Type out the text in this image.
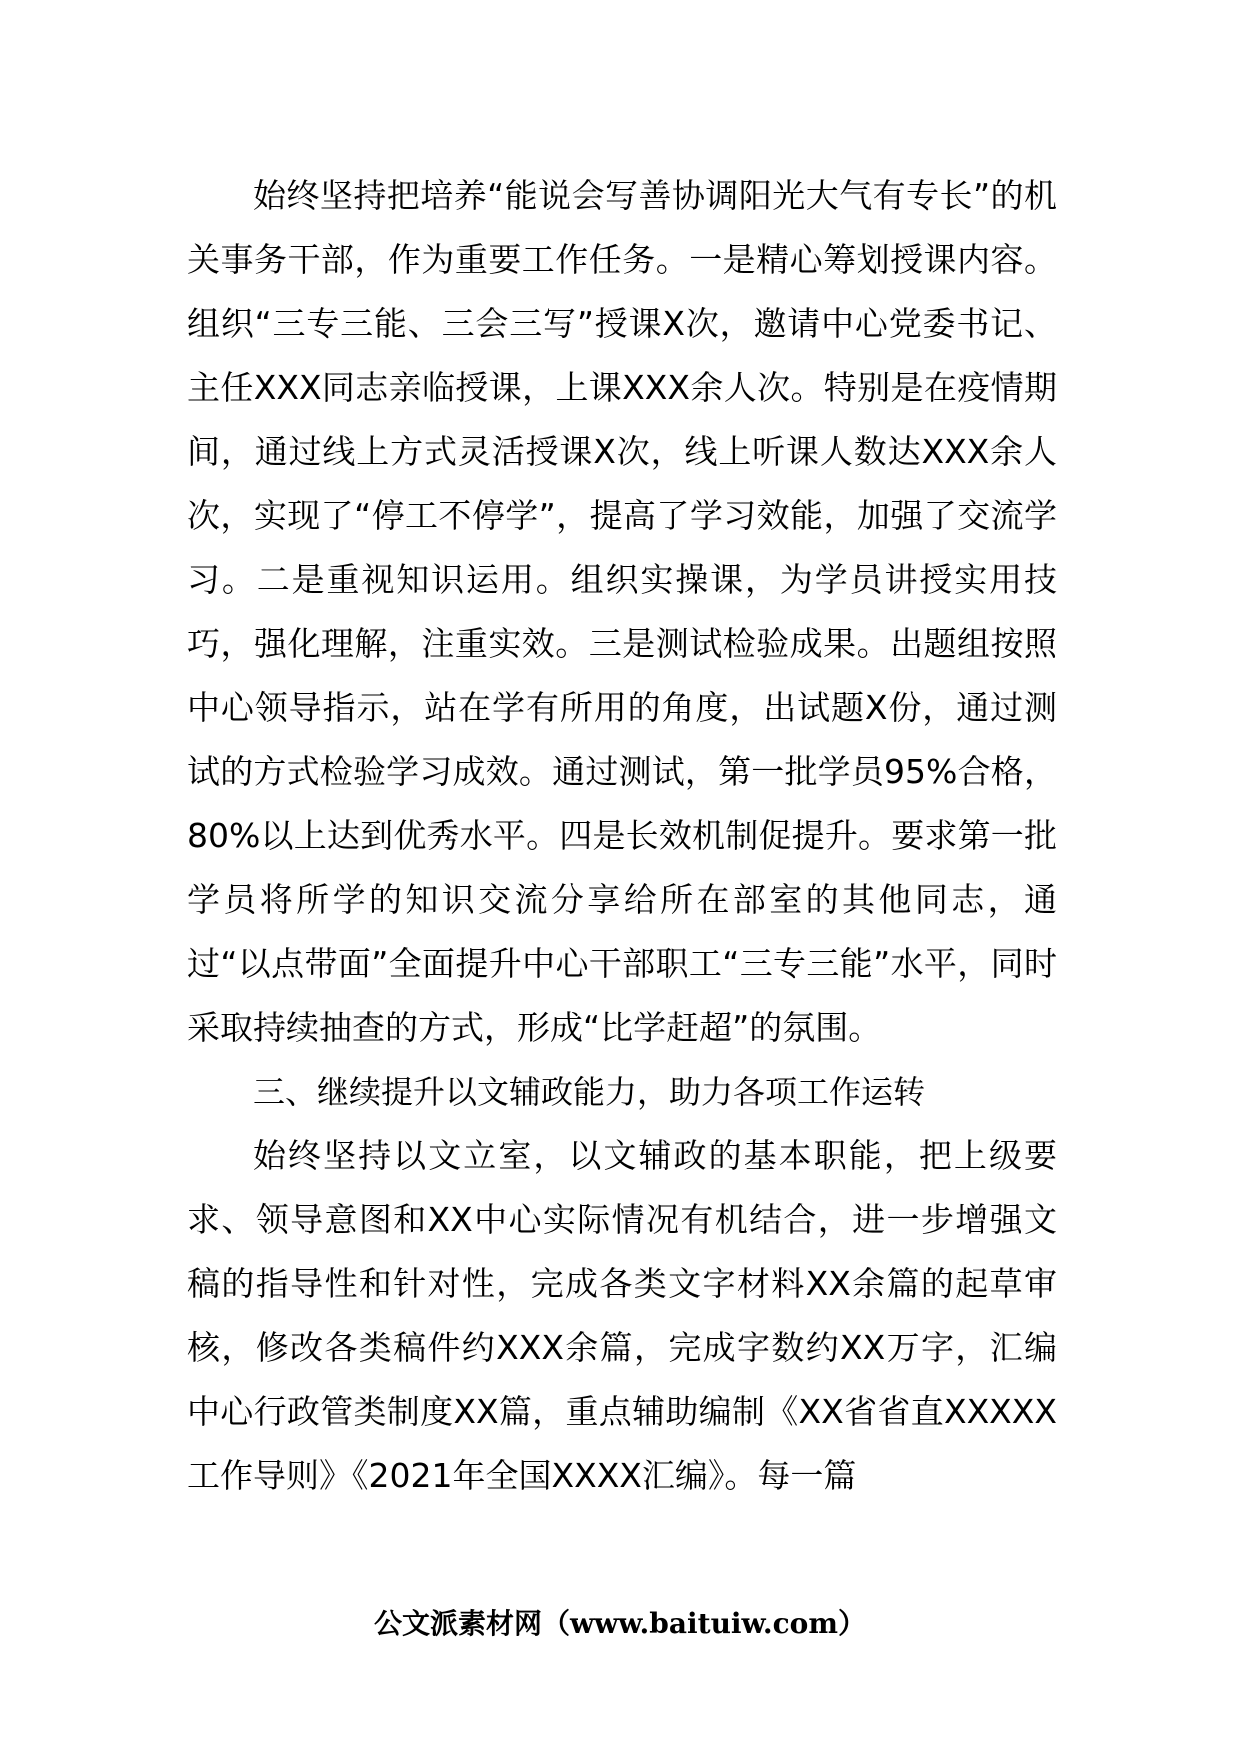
始终坚持把培养“能说会写善协调阳光大气有专长”的机关事务干部，作为重要工作任务。一是精心筹划授课内容。组织“三专三能、三会三写”授课X次，邀请中心党委书记、主任XXX同志亲临授课，上课XXX余人次。特别是在疫情期间，通过线上方式灵活授课X次，线上听课人数达XXX余人次，实现了“停工不停学”，提高了学习效能，加强了交流学习。二是重视知识运用。组织实操课，为学员讲授实用技巧，强化理解，注重实效。三是测试检验成果。出题组按照中心领导指示，站在学有所用的角度，出试题X份，通过测试的方式检验学习成效。通过测试，第一批学员95%合格，80%以上达到优秀水平。四是长效机制促提升。要求第一批学员将所学的知识交流分享给所在部室的其他同志，通过“以点带面”全面提升中心干部职工“三专三能”水平，同时采取持续抽查的方式，形成“比学赶超”的氛围。

三、继续提升以文辅政能力，助力各项工作运转

始终坚持以文立室，以文辅政的基本职能，把上级要求、领导意图和XX中心实际情况有机结合，进一步增强文稿的指导性和针对性，完成各类文字材料XX余篇的起草审核，修改各类稿件约XXX余篇，完成字数约XX万字，汇编中心行政管类制度XX篇，重点辅助编制《XX省省直XXXXX工作导则》《2021年全国XXXX汇编》。每一篇

公文派素材网（www.baituiw.com）
